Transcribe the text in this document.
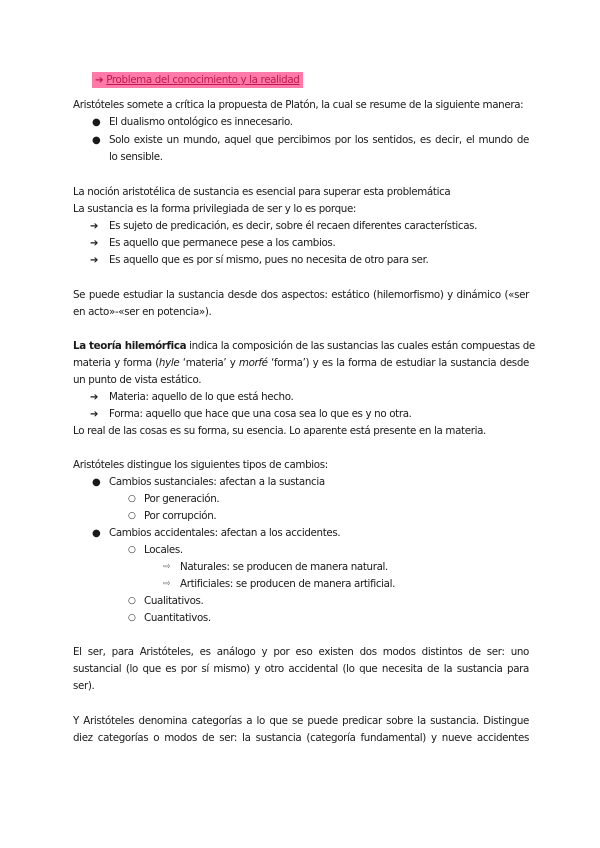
➔ Problema del conocimiento y la realidad
Aristóteles somete a crítica la propuesta de Platón, la cual se resume de la siguiente manera:
● El dualismo ontológico es innecesario.
● Solo existe un mundo, aquel que percibimos por los sentidos, es decir, el mundo de
lo sensible.
La noción aristotélica de sustancia es esencial para superar esta problemática
La sustancia es la forma privilegiada de ser y lo es porque:
➔ Es sujeto de predicación, es decir, sobre él recaen diferentes características.
➔ Es aquello que permanece pese a los cambios.
➔ Es aquello que es por sí mismo, pues no necesita de otro para ser.
Se puede estudiar la sustancia desde dos aspectos: estático (hilemorfismo) y dinámico («ser
en acto»-«ser en potencia»).
La teoría hilemórfica indica la composición de las sustancias las cuales están compuestas de
materia y forma (hyle ‘materia’ y morfé ‘forma’) y es la forma de estudiar la sustancia desde
un punto de vista estático.
➔ Materia: aquello de lo que está hecho.
➔ Forma: aquello que hace que una cosa sea lo que es y no otra.
Lo real de las cosas es su forma, su esencia. Lo aparente está presente en la materia.
Aristóteles distingue los siguientes tipos de cambios:
● Cambios sustanciales: afectan a la sustancia
○ Por generación.
○ Por corrupción.
● Cambios accidentales: afectan a los accidentes.
○ Locales.
⇨ Naturales: se producen de manera natural.
⇨ Artificiales: se producen de manera artificial.
○ Cualitativos.
○ Cuantitativos.
El ser, para Aristóteles, es análogo y por eso existen dos modos distintos de ser: uno
sustancial (lo que es por sí mismo) y otro accidental (lo que necesita de la sustancia para
ser).
Y Aristóteles denomina categorías a lo que se puede predicar sobre la sustancia. Distingue
diez categorías o modos de ser: la sustancia (categoría fundamental) y nueve accidentes
